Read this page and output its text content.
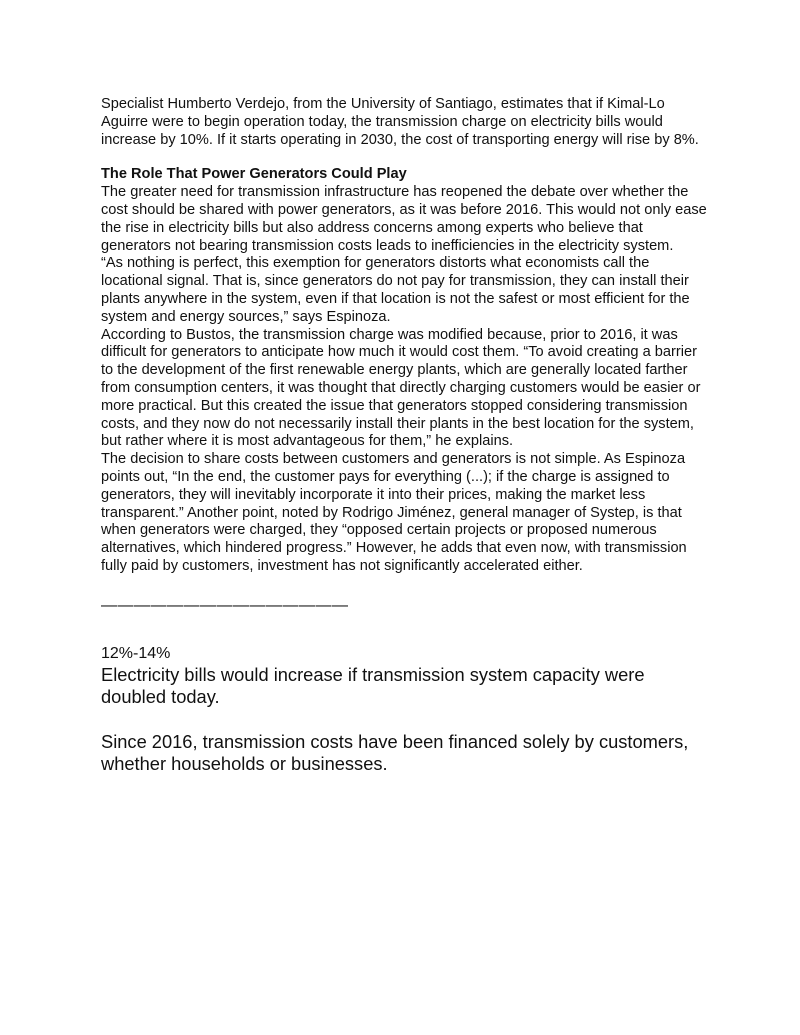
Specialist Humberto Verdejo, from the University of Santiago, estimates that if Kimal-Lo Aguirre were to begin operation today, the transmission charge on electricity bills would increase by 10%. If it starts operating in 2030, the cost of transporting energy will rise by 8%.

The Role That Power Generators Could Play

The greater need for transmission infrastructure has reopened the debate over whether the cost should be shared with power generators, as it was before 2016. This would not only ease the rise in electricity bills but also address concerns among experts who believe that generators not bearing transmission costs leads to inefficiencies in the electricity system.

“As nothing is perfect, this exemption for generators distorts what economists call the locational signal. That is, since generators do not pay for transmission, they can install their plants anywhere in the system, even if that location is not the safest or most efficient for the system and energy sources,” says Espinoza.

According to Bustos, the transmission charge was modified because, prior to 2016, it was difficult for generators to anticipate how much it would cost them. “To avoid creating a barrier to the development of the first renewable energy plants, which are generally located farther from consumption centers, it was thought that directly charging customers would be easier or more practical. But this created the issue that generators stopped considering transmission costs, and they now do not necessarily install their plants in the best location for the system, but rather where it is most advantageous for them,” he explains.

The decision to share costs between customers and generators is not simple. As Espinoza points out, “In the end, the customer pays for everything (...); if the charge is assigned to generators, they will inevitably incorporate it into their prices, making the market less transparent.” Another point, noted by Rodrigo Jiménez, general manager of Systep, is that when generators were charged, they “opposed certain projects or proposed numerous alternatives, which hindered progress.” However, he adds that even now, with transmission fully paid by customers, investment has not significantly accelerated either.

———————————————
12%-14%

Electricity bills would increase if transmission system capacity were doubled today.

Since 2016, transmission costs have been financed solely by customers, whether households or businesses.
